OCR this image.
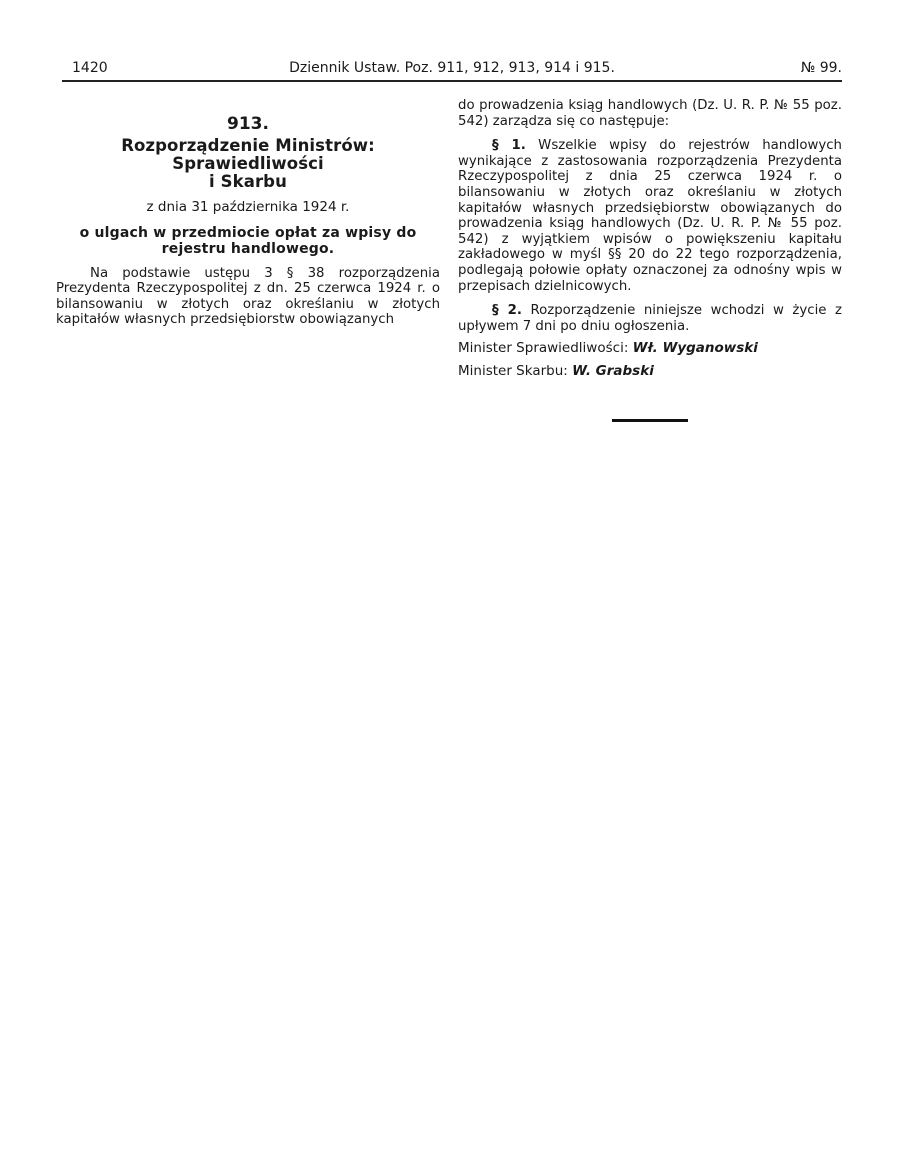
1420	Dziennik Ustaw. Poz. 911, 912, 913, 914 i 915.	№ 99.
913.
Rozporządzenie Ministrów: Sprawiedliwości
i Skarbu
z dnia 31 października 1924 r.
o ulgach w przedmiocie opłat za wpisy do rejestru handlowego.

Na podstawie ustępu 3 § 38 rozporządzenia Prezydenta Rzeczypospolitej z dn. 25 czerwca 1924 r. o bilansowaniu w złotych oraz określaniu w złotych kapitałów własnych przedsiębiorstw obowiązanych

do prowadzenia ksiąg handlowych (Dz. U. R. P. № 55 poz. 542) zarządza się co następuje:

§ 1. Wszelkie wpisy do rejestrów handlowych wynikające z zastosowania rozporządzenia Prezydenta Rzeczypospolitej z dnia 25 czerwca 1924 r. o bilansowaniu w złotych oraz określaniu w złotych kapitałów własnych przedsiębiorstw obowiązanych do prowadzenia ksiąg handlowych (Dz. U. R. P. № 55 poz. 542) z wyjątkiem wpisów o powiększeniu kapitału zakładowego w myśl §§ 20 do 22 tego rozporządzenia, podlegają połowie opłaty oznaczonej za odnośny wpis w przepisach dzielnicowych.

§ 2. Rozporządzenie niniejsze wchodzi w życie z upływem 7 dni po dniu ogłoszenia.

Minister Sprawiedliwości: Wł. Wyganowski
Minister Skarbu: W. Grabski
